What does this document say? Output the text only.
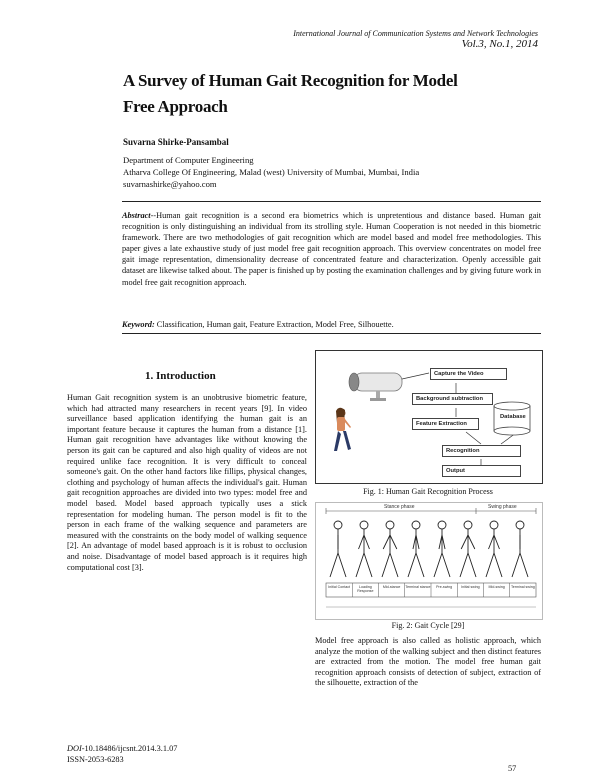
International Journal of Communication Systems and Network Technologies
Vol.3, No.1, 2014
A Survey of Human Gait Recognition for Model
Free Approach
Suvarna Shirke-Pansambal
Department of Computer Engineering
Atharva College Of Engineering, Malad (west) University of Mumbai, Mumbai, India
suvarnashirke@yahoo.com
Abstract--Human gait recognition is a second era biometrics which is unpretentious and distance based. Human gait recognition is only distinguishing an individual from its strolling style. Human Cooperation is not needed in this biometric framework. There are two methodologies of gait recognition which are model based and model free methodologies. This paper gives a late exhaustive study of just model free gait recognition approach. This overview concentrates on model free gait image representation, dimensionality decrease of concentrated feature and characterization. Openly accessible gait dataset are likewise talked about. The paper is finished up by posting the examination challenges and by giving future work in model free gait recognition approach.
Keyword: Classification, Human gait, Feature Extraction, Model Free, Silhouette.
1. Introduction
Human Gait recognition system is an unobtrusive biometric feature, which had attracted many researchers in recent years [9]. In video surveillance based application identifying the human gait is an important feature because it captures the human from a distance [1]. Human gait recognition have advantages like without knowing the person its gait can be captured and also high quality of videos are not required unlike face recognition. It is very difficult to conceal someone's gait. On the other hand factors like fillips, physical changes, clothing and psychology of human affects the individual's gait. Human gait recognition approaches are divided into two types: model free and model based. Model based approach typically uses a stick representation for modeling human. The person model is fit to the person in each frame of the walking sequence and parameters are measured with the constraints on the body model of walking sequence [2]. An advantage of model based approach is it is robust to occlusion and noise. Disadvantage of model based approach is it requires high computational cost [3].
Capture the Video
Background subtraction
Feature Extraction
Database
Recognition
Output
Fig. 1: Human Gait Recognition Process
Stance phase	Swing phase
Initial Contact	Loading Response
Mid-stance	Terminal stance	Pre-swing	Initial swing	Mid-swing	Terminal swing
Fig. 2: Gait Cycle [29]
Model free approach is also called as holistic approach, which analyze the motion of the walking subject and then distinct features are extracted from the motion. The model free human gait recognition approach consists of detection of subject, extraction of the silhouette, extraction of the
DOI-10.18486/ijcsnt.2014.3.1.07
ISSN-2053-6283
57
